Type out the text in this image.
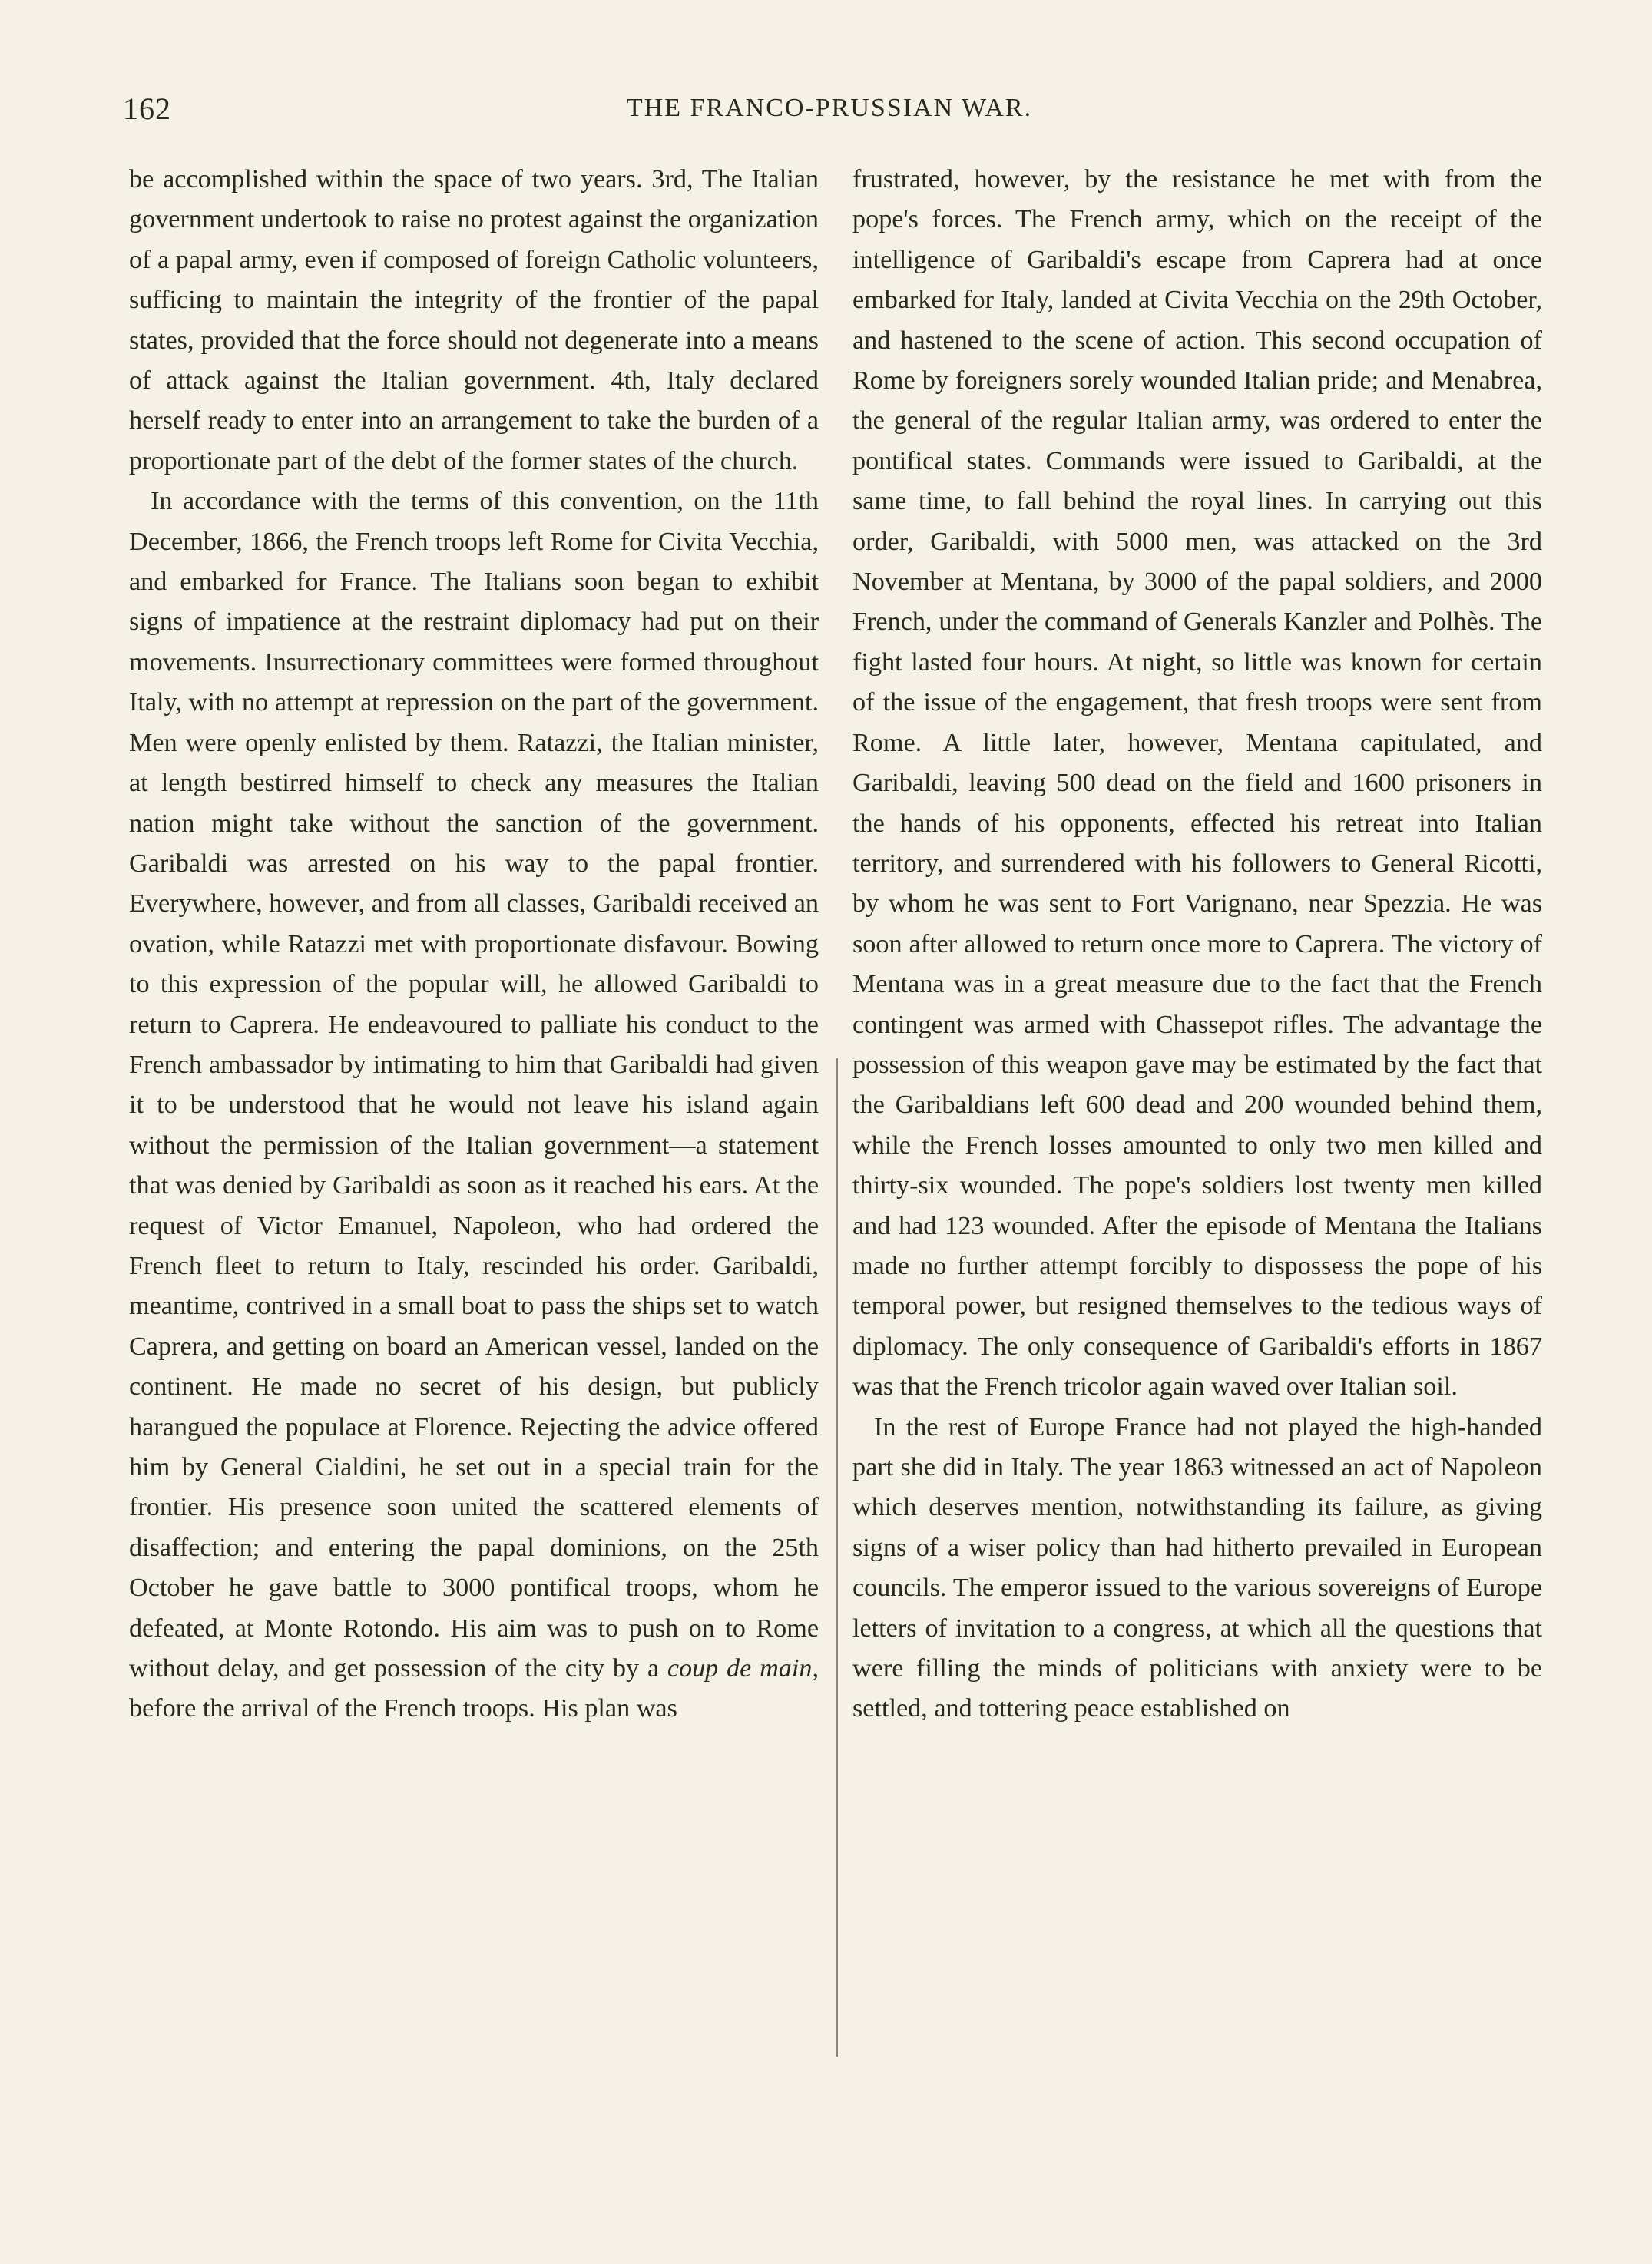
162	THE FRANCO-PRUSSIAN WAR.

be accomplished within the space of two years. 3rd, The Italian government undertook to raise no protest against the organization of a papal army, even if composed of foreign Catholic volunteers, sufficing to maintain the integrity of the frontier of the papal states, provided that the force should not degenerate into a means of attack against the Italian government. 4th, Italy declared herself ready to enter into an arrangement to take the burden of a proportionate part of the debt of the former states of the church.

In accordance with the terms of this convention, on the 11th December, 1866, the French troops left Rome for Civita Vecchia, and embarked for France. The Italians soon began to exhibit signs of impatience at the restraint diplomacy had put on their movements. Insurrectionary committees were formed throughout Italy, with no attempt at repression on the part of the government. Men were openly enlisted by them. Ratazzi, the Italian minister, at length bestirred himself to check any measures the Italian nation might take without the sanction of the government. Garibaldi was arrested on his way to the papal frontier. Everywhere, however, and from all classes, Garibaldi received an ovation, while Ratazzi met with proportionate disfavour. Bowing to this expression of the popular will, he allowed Garibaldi to return to Caprera. He endeavoured to palliate his conduct to the French ambassador by intimating to him that Garibaldi had given it to be understood that he would not leave his island again without the permission of the Italian government—a statement that was denied by Garibaldi as soon as it reached his ears. At the request of Victor Emanuel, Napoleon, who had ordered the French fleet to return to Italy, rescinded his order. Garibaldi, meantime, contrived in a small boat to pass the ships set to watch Caprera, and getting on board an American vessel, landed on the continent. He made no secret of his design, but publicly harangued the populace at Florence. Rejecting the advice offered him by General Cialdini, he set out in a special train for the frontier. His presence soon united the scattered elements of disaffection; and entering the papal dominions, on the 25th October he gave battle to 3000 pontifical troops, whom he defeated, at Monte Rotondo. His aim was to push on to Rome without delay, and get possession of the city by a coup de main, before the arrival of the French troops. His plan was

frustrated, however, by the resistance he met with from the pope's forces. The French army, which on the receipt of the intelligence of Garibaldi's escape from Caprera had at once embarked for Italy, landed at Civita Vecchia on the 29th October, and hastened to the scene of action. This second occupation of Rome by foreigners sorely wounded Italian pride; and Menabrea, the general of the regular Italian army, was ordered to enter the pontifical states. Commands were issued to Garibaldi, at the same time, to fall behind the royal lines. In carrying out this order, Garibaldi, with 5000 men, was attacked on the 3rd November at Mentana, by 3000 of the papal soldiers, and 2000 French, under the command of Generals Kanzler and Polhès. The fight lasted four hours. At night, so little was known for certain of the issue of the engagement, that fresh troops were sent from Rome. A little later, however, Mentana capitulated, and Garibaldi, leaving 500 dead on the field and 1600 prisoners in the hands of his opponents, effected his retreat into Italian territory, and surrendered with his followers to General Ricotti, by whom he was sent to Fort Varignano, near Spezzia. He was soon after allowed to return once more to Caprera. The victory of Mentana was in a great measure due to the fact that the French contingent was armed with Chassepot rifles. The advantage the possession of this weapon gave may be estimated by the fact that the Garibaldians left 600 dead and 200 wounded behind them, while the French losses amounted to only two men killed and thirty-six wounded. The pope's soldiers lost twenty men killed and had 123 wounded. After the episode of Mentana the Italians made no further attempt forcibly to dispossess the pope of his temporal power, but resigned themselves to the tedious ways of diplomacy. The only consequence of Garibaldi's efforts in 1867 was that the French tricolor again waved over Italian soil.

In the rest of Europe France had not played the high-handed part she did in Italy. The year 1863 witnessed an act of Napoleon which deserves mention, notwithstanding its failure, as giving signs of a wiser policy than had hitherto prevailed in European councils. The emperor issued to the various sovereigns of Europe letters of invitation to a congress, at which all the questions that were filling the minds of politicians with anxiety were to be settled, and tottering peace established on
